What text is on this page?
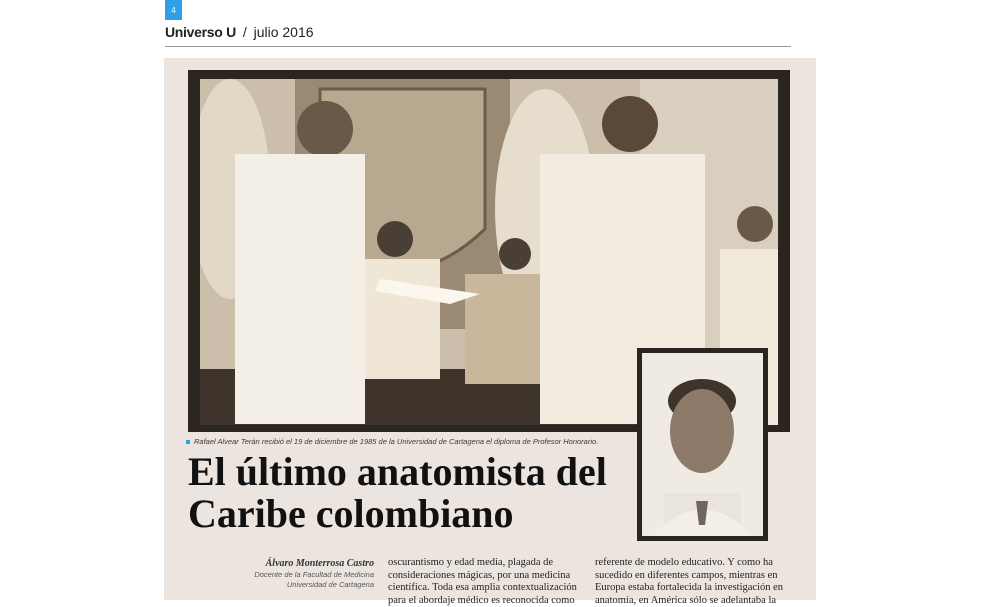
4
Universo U / julio 2016
Rafael Alvear Terán recibió el 19 de diciembre de 1985 de la Universidad de Cartagena el diploma de Profesor Honorario.
El último anatomista del
Caribe colombiano
Álvaro Monterrosa Castro
Docente de la Facultad de Medicina
Universidad de Cartagena
oscurantismo y edad media, plagada de
consideraciones mágicas, por una medicina
científica. Toda esa amplia contextualización
para el abordaje médico es reconocida como
referente de modelo educativo. Y como ha
sucedido en diferentes campos, mientras en
Europa estaba fortalecida la investigación en
anatomía, en América sólo se adelantaba la
